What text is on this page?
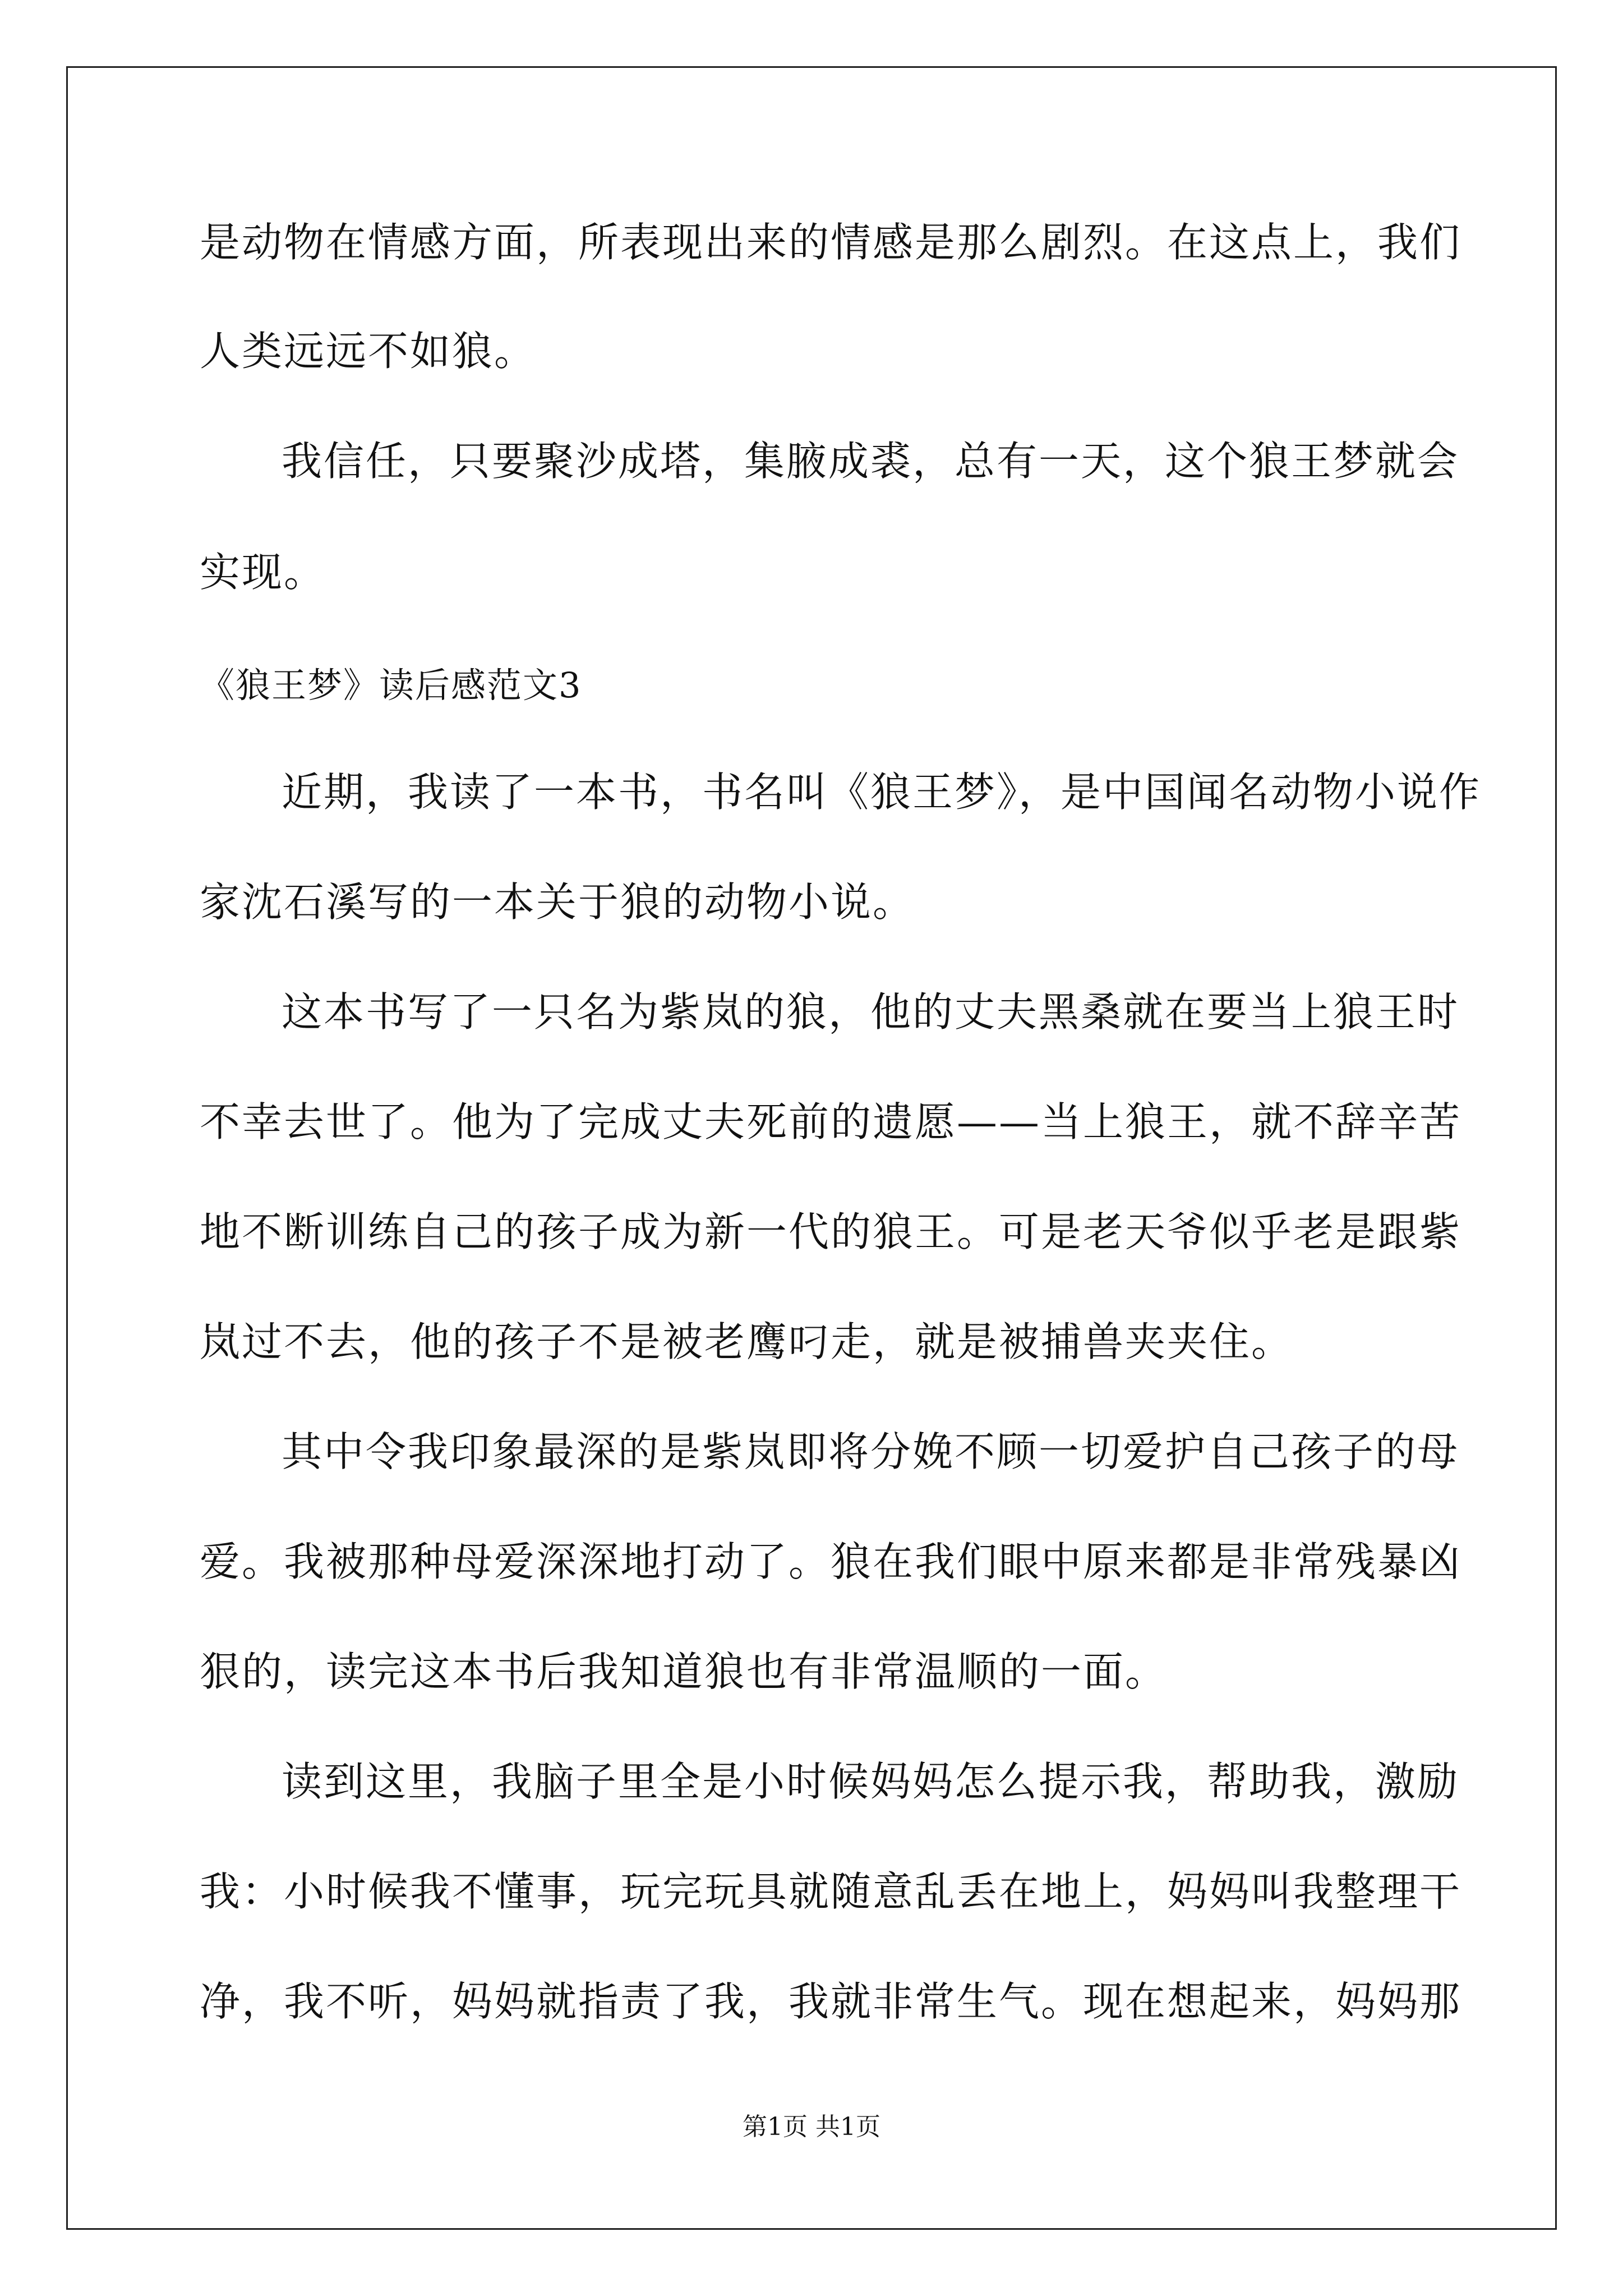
是动物在情感方面，所表现出来的情感是那么剧烈。在这点上，我们
人类远远不如狼。
我信任，只要聚沙成塔，集腋成裘，总有一天，这个狼王梦就会
实现。
《狼王梦》读后感范文3
近期，我读了一本书，书名叫《狼王梦》，是中国闻名动物小说作
家沈石溪写的一本关于狼的动物小说。
这本书写了一只名为紫岚的狼，他的丈夫黑桑就在要当上狼王时
不幸去世了。他为了完成丈夫死前的遗愿——当上狼王，就不辞辛苦
地不断训练自己的孩子成为新一代的狼王。可是老天爷似乎老是跟紫
岚过不去，他的孩子不是被老鹰叼走，就是被捕兽夹夹住。
其中令我印象最深的是紫岚即将分娩不顾一切爱护自己孩子的母
爱。我被那种母爱深深地打动了。狼在我们眼中原来都是非常残暴凶
狠的，读完这本书后我知道狼也有非常温顺的一面。
读到这里，我脑子里全是小时候妈妈怎么提示我，帮助我，激励
我：小时候我不懂事，玩完玩具就随意乱丢在地上，妈妈叫我整理干
净，我不听，妈妈就指责了我，我就非常生气。现在想起来，妈妈那
第1页 共1页
